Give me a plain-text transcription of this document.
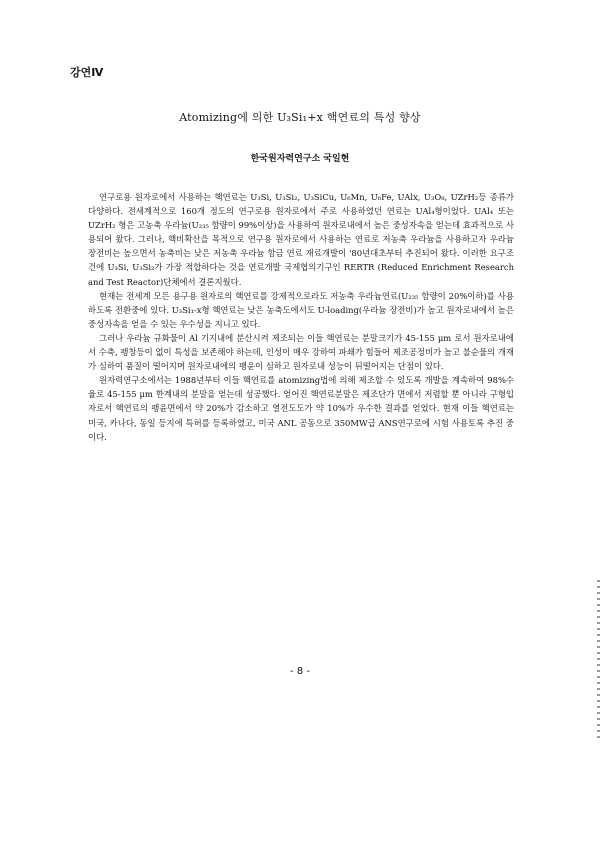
강연Ⅳ
Atomizing에 의한 U₃Si₁+x 핵연료의 특성 향상
한국원자력연구소 국일현

연구로용 원자로에서 사용하는 핵연료는 U₃Si, U₃Si₂, U₃SiCu, U₆Mn, U₆Fe, UAlx, U₃O₈, UZrH₂등 종류가 다양하다. 전세계적으로 160개 정도의 연구로용 원자로에서 주로 사용하였던 연료는 UAl₄형이었다. UAl₄ 또는 UZrH₂ 형은 고농축 우라늄(U₂₃₅ 함량이 99%이상)을 사용하여 원자로내에서 높은 중성자속을 얻는데 효과적으로 사용되어 왔다. 그러나, 핵비확산을 목적으로 연구용 원자로에서 사용하는 연료로 저농축 우라늄을 사용하고자 우라늄 장전비는 높으면서 농축비는 낮은 저농축 우라늄 함금 연료 재료개발이 '80년대초부터 추진되어 왔다. 이러한 요구조건에 U₃Si, U₃Si₂가 가장 적합하다는 것을 연료개발 국제협의기구인 RERTR (Reduced Enrichment Research and Test Reactor)단체에서 결론지웠다.

현재는 전세계 모든 용구용 원자로의 핵연료를 강제적으로라도 저농축 우라늄연료(U₂₃₅ 함량이 20%이하)를 사용하도록 전환중에 있다. U₃Si₁-x형 핵연료는 낮은 농축도에서도 U-loading(우라늄 장전비)가 높고 원자로내에서 높은 중성자속을 얻을 수 있는 우수성을 지니고 있다.

그러나 우라늄 규화물이 Al 기지내에 분산시켜 제조되는 이들 핵연료는 분말크기가 45-155 μm 로서 원자로내에서 수축, 팽창등이 없이 특성을 보존해야 하는데, 인성이 매우 강하여 파쇄가 힘들어 제조공정비가 높고 불순물의 개재가 심하여 품질이 떨어지며 원자로내에의 팽윤이 심하고 원자로내 성능이 뒤떨어지는 단점이 있다.

원자력연구소에서는 1988년부터 이들 핵연료를 atomizing법에 의해 제조할 수 있도록 개발을 계속하여 98%수율로 45-155 μm 한계내의 분말을 얻는데 성공했다. 얻어진 핵연료분말은 제조단가 면에서 저렴할 뿐 아니라 구형입자로서 핵연료의 팽윤면에서 약 20%가 감소하고 열전도도가 약 10%가 우수한 결과를 얻었다. 현재 이들 핵연료는 미국, 카나다, 동일 등지에 특허를 등록하였고, 미국 ANL 공동으로 350MW급 ANS연구로에 시험 사용토록 추진 중이다.

- 8 -
